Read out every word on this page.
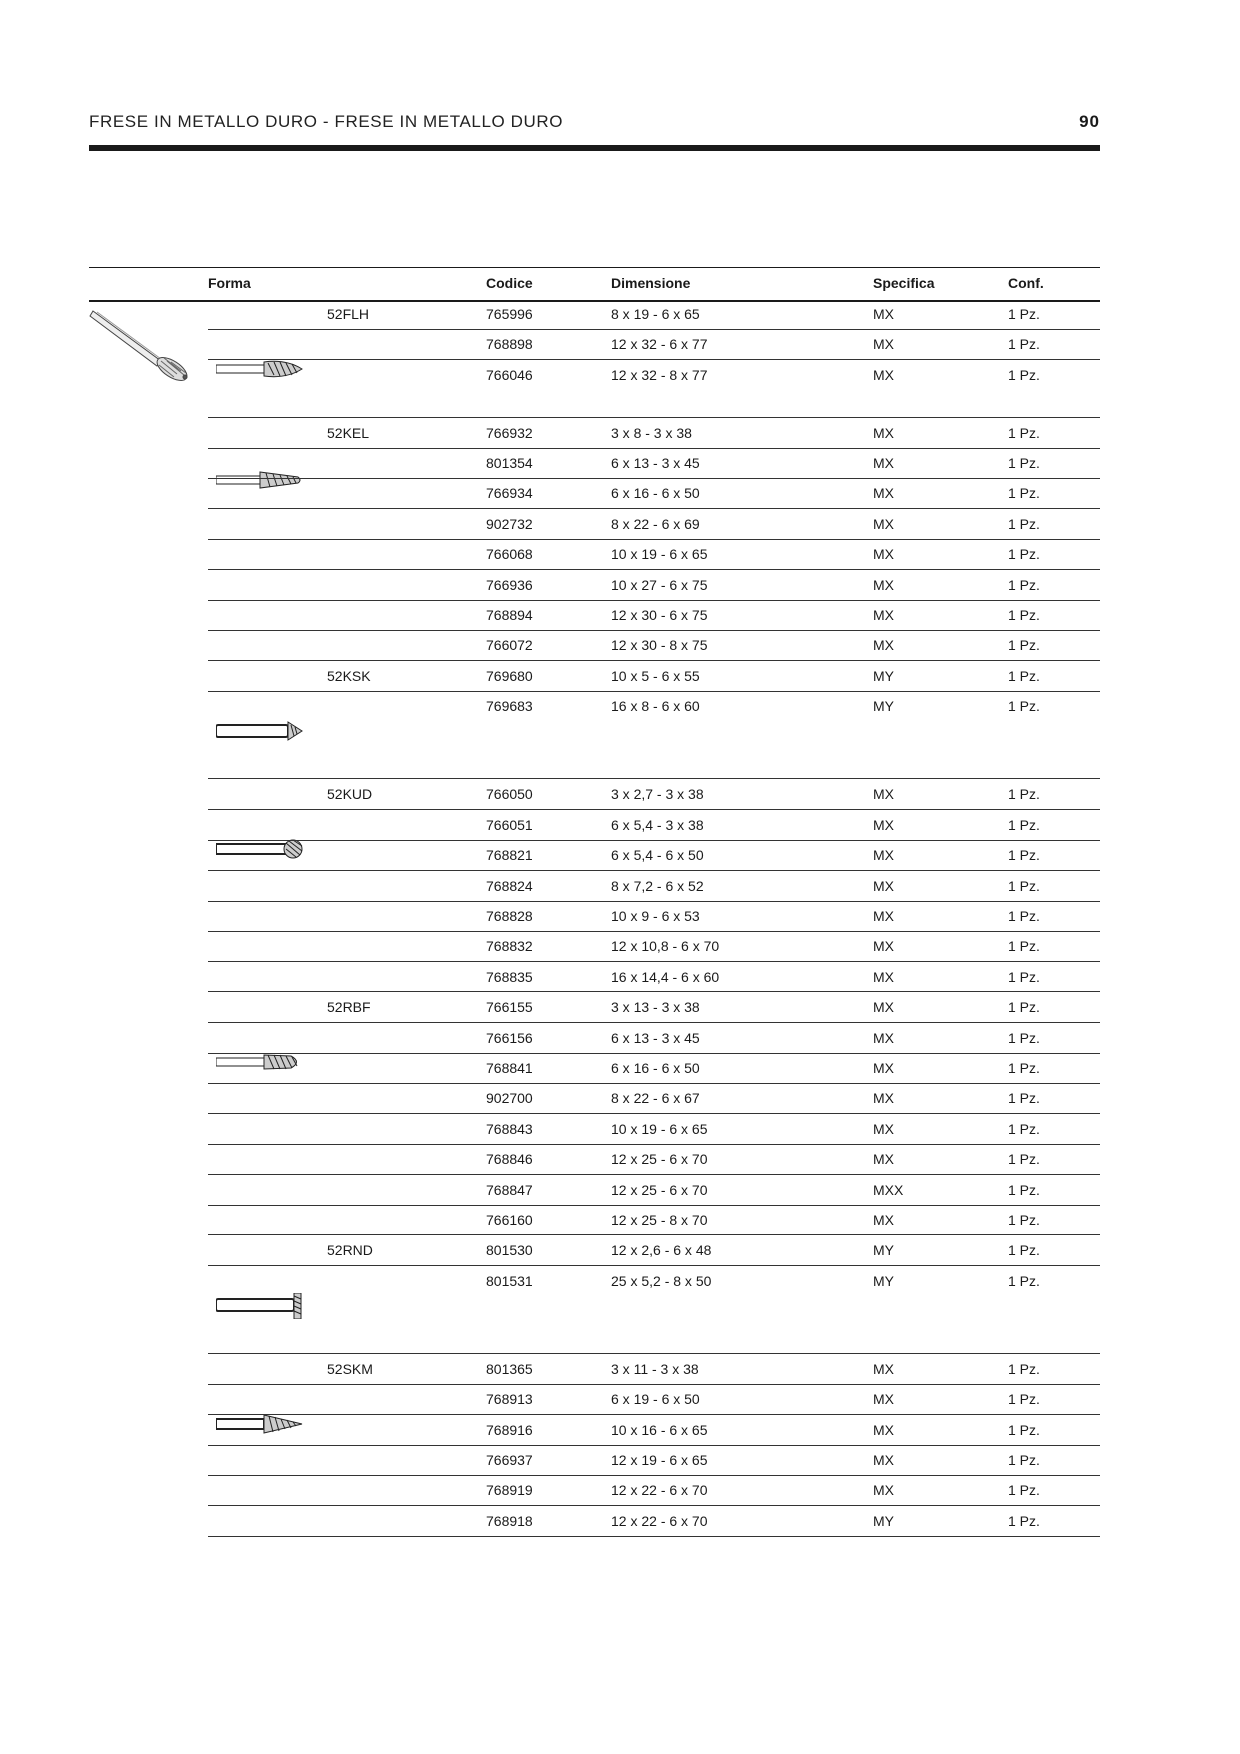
FRESE IN METALLO DURO - FRESE IN METALLO DURO	90
Forma	Codice	Dimensione	Specifica	Conf.
52FLH	765996	8 x 19 - 6 x 65	MX	1 Pz.
768898	12 x 32 - 6 x 77	MX	1 Pz.
766046	12 x 32 - 8 x 77	MX	1 Pz.
52KEL	766932	3 x 8 - 3 x 38	MX	1 Pz.
801354	6 x 13 - 3 x 45	MX	1 Pz.
766934	6 x 16 - 6 x 50	MX	1 Pz.
902732	8 x 22 - 6 x 69	MX	1 Pz.
766068	10 x 19 - 6 x 65	MX	1 Pz.
766936	10 x 27 - 6 x 75	MX	1 Pz.
768894	12 x 30 - 6 x 75	MX	1 Pz.
766072	12 x 30 - 8 x 75	MX	1 Pz.
52KSK	769680	10 x 5 - 6 x 55	MY	1 Pz.
769683	16 x 8 - 6 x 60	MY	1 Pz.
52KUD	766050	3 x 2,7 - 3 x 38	MX	1 Pz.
766051	6 x 5,4 - 3 x 38	MX	1 Pz.
768821	6 x 5,4 - 6 x 50	MX	1 Pz.
768824	8 x 7,2 - 6 x 52	MX	1 Pz.
768828	10 x 9 - 6 x 53	MX	1 Pz.
768832	12 x 10,8 - 6 x 70	MX	1 Pz.
768835	16 x 14,4 - 6 x 60	MX	1 Pz.
52RBF	766155	3 x 13 - 3 x 38	MX	1 Pz.
766156	6 x 13 - 3 x 45	MX	1 Pz.
768841	6 x 16 - 6 x 50	MX	1 Pz.
902700	8 x 22 - 6 x 67	MX	1 Pz.
768843	10 x 19 - 6 x 65	MX	1 Pz.
768846	12 x 25 - 6 x 70	MX	1 Pz.
768847	12 x 25 - 6 x 70	MXX	1 Pz.
766160	12 x 25 - 8 x 70	MX	1 Pz.
52RND	801530	12 x 2,6 - 6 x 48	MY	1 Pz.
801531	25 x 5,2 - 8 x 50	MY	1 Pz.
52SKM	801365	3 x 11 - 3 x 38	MX	1 Pz.
768913	6 x 19 - 6 x 50	MX	1 Pz.
768916	10 x 16 - 6 x 65	MX	1 Pz.
766937	12 x 19 - 6 x 65	MX	1 Pz.
768919	12 x 22 - 6 x 70	MX	1 Pz.
768918	12 x 22 - 6 x 70	MY	1 Pz.
